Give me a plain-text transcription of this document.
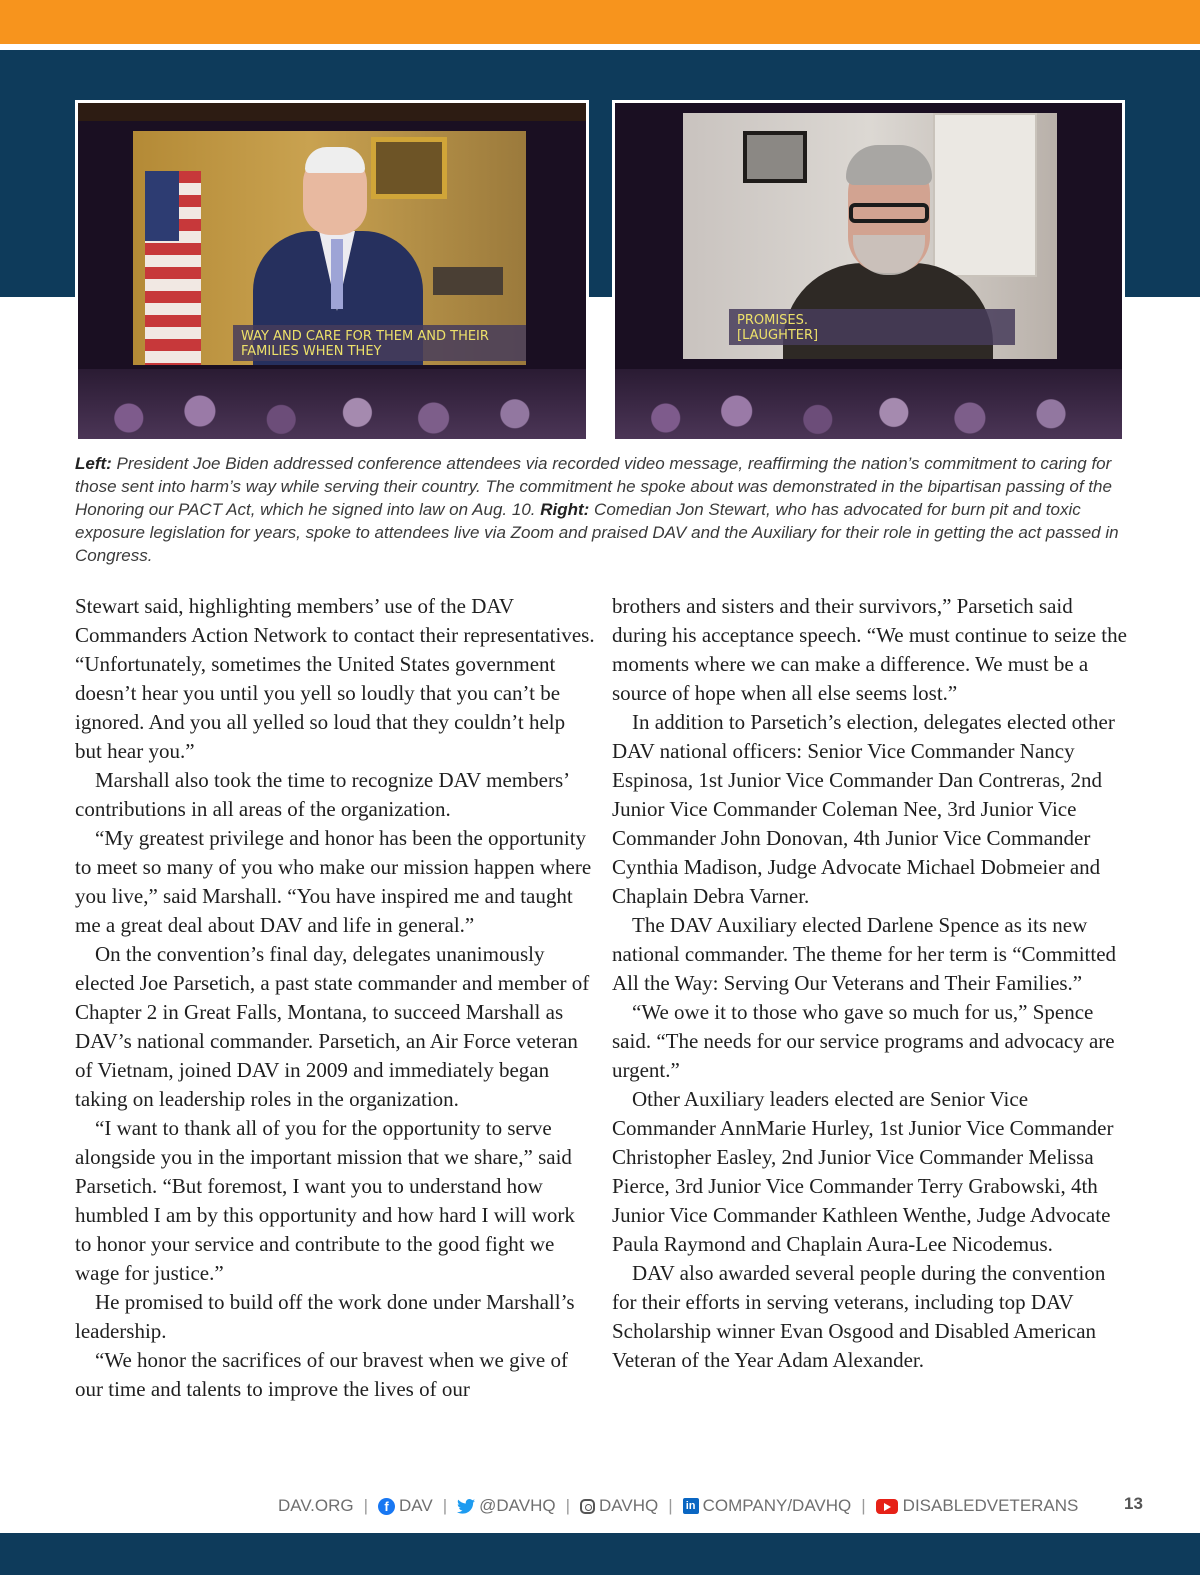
WAY AND CARE FOR THEM AND THEIR
FAMILIES WHEN THEY
PROMISES.
[LAUGHTER]

Left: President Joe Biden addressed conference attendees via recorded video message, reaffirming the nation’s commitment to caring for those sent into harm’s way while serving their country. The commitment he spoke about was demonstrated in the bipartisan passing of the Honoring our PACT Act, which he signed into law on Aug. 10. Right: Comedian Jon Stewart, who has advocated for burn pit and toxic exposure legislation for years, spoke to attendees live via Zoom and praised DAV and the Auxiliary for their role in getting the act passed in Congress.

Stewart said, highlighting members’ use of the DAV Commanders Action Network to contact their representatives. “Unfortunately, sometimes the United States government doesn’t hear you until you yell so loudly that you can’t be ignored. And you all yelled so loud that they couldn’t help but hear you.”

Marshall also took the time to recognize DAV members’ contributions in all areas of the organization.

“My greatest privilege and honor has been the opportunity to meet so many of you who make our mission happen where you live,” said Marshall. “You have inspired me and taught me a great deal about DAV and life in general.”

On the convention’s final day, delegates unanimously elected Joe Parsetich, a past state commander and member of Chapter 2 in Great Falls, Montana, to succeed Marshall as DAV’s national commander. Parsetich, an Air Force veteran of Vietnam, joined DAV in 2009 and immediately began taking on leadership roles in the organization.

“I want to thank all of you for the opportunity to serve alongside you in the important mission that we share,” said Parsetich. “But foremost, I want you to understand how humbled I am by this opportunity and how hard I will work to honor your service and contribute to the good fight we wage for justice.”

He promised to build off the work done under Marshall’s leadership.

“We honor the sacrifices of our bravest when we give of our time and talents to improve the lives of our

brothers and sisters and their survivors,” Parsetich said during his acceptance speech. “We must continue to seize the moments where we can make a difference. We must be a source of hope when all else seems lost.”

In addition to Parsetich’s election, delegates elected other DAV national officers: Senior Vice Commander Nancy Espinosa, 1st Junior Vice Commander Dan Contreras, 2nd Junior Vice Commander Coleman Nee, 3rd Junior Vice Commander John Donovan, 4th Junior Vice Commander Cynthia Madison, Judge Advocate Michael Dobmeier and Chaplain Debra Varner.

The DAV Auxiliary elected Darlene Spence as its new national commander. The theme for her term is “Committed All the Way: Serving Our Veterans and Their Families.”

“We owe it to those who gave so much for us,” Spence said. “The needs for our service programs and advocacy are urgent.”

Other Auxiliary leaders elected are Senior Vice Commander AnnMarie Hurley, 1st Junior Vice Commander Christopher Easley, 2nd Junior Vice Commander Melissa Pierce, 3rd Junior Vice Commander Terry Grabowski, 4th Junior Vice Commander Kathleen Wenthe, Judge Advocate Paula Raymond and Chaplain Aura-Lee Nicodemus.

DAV also awarded several people during the convention for their efforts in serving veterans, including top DAV Scholarship winner Evan Osgood and Disabled American Veteran of the Year Adam Alexander.

DAV.ORG |	f DAV | @DAVHQ | DAVHQ | in COMPANY/DAVHQ | DISABLEDVETERANS	13
